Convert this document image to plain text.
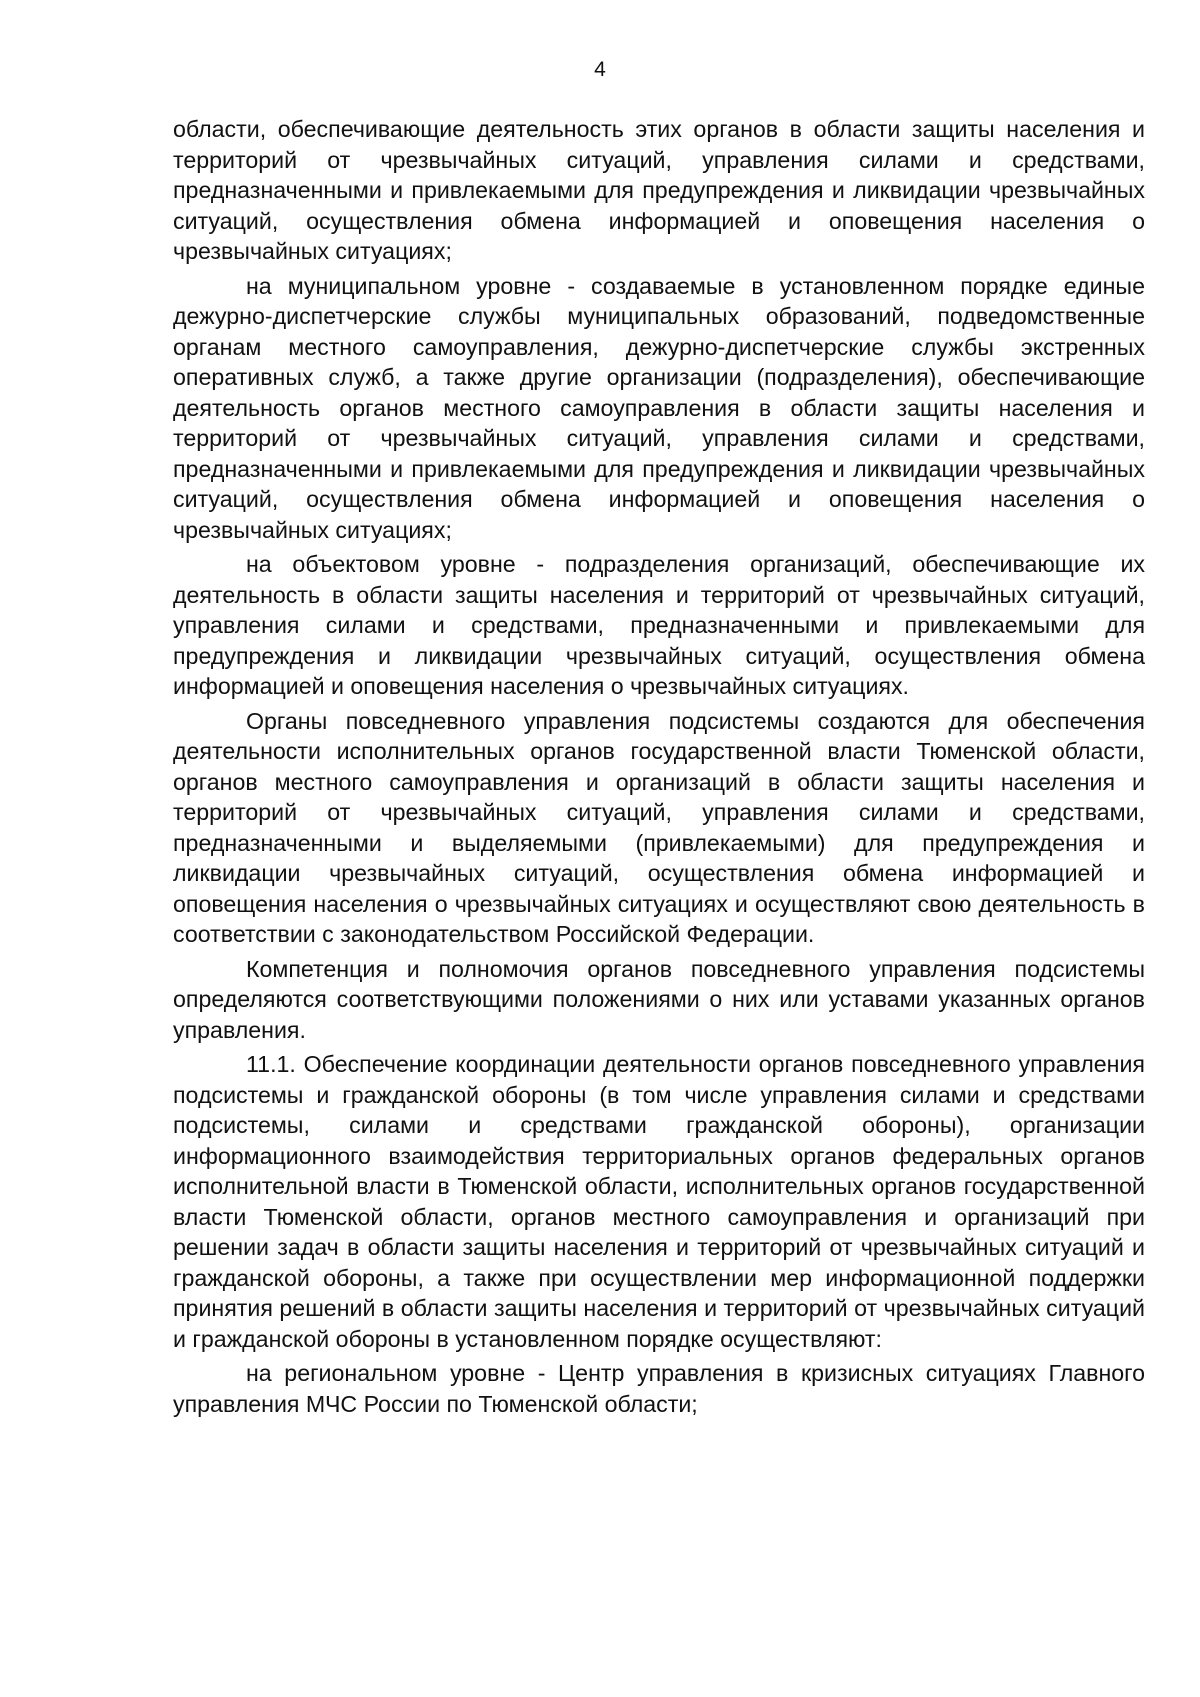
4

области, обеспечивающие деятельность этих органов в области защиты населения и территорий от чрезвычайных ситуаций, управления силами и средствами, предназначенными и привлекаемыми для предупреждения и ликвидации чрезвычайных ситуаций, осуществления обмена информацией и оповещения населения о чрезвычайных ситуациях;

на муниципальном уровне - создаваемые в установленном порядке единые дежурно-диспетчерские службы муниципальных образований, подведомственные органам местного самоуправления, дежурно-диспетчерские службы экстренных оперативных служб, а также другие организации (подразделения), обеспечивающие деятельность органов местного самоуправления в области защиты населения и территорий от чрезвычайных ситуаций, управления силами и средствами, предназначенными и привлекаемыми для предупреждения и ликвидации чрезвычайных ситуаций, осуществления обмена информацией и оповещения населения о чрезвычайных ситуациях;

на объектовом уровне - подразделения организаций, обеспечивающие их деятельность в области защиты населения и территорий от чрезвычайных ситуаций, управления силами и средствами, предназначенными и привлекаемыми для предупреждения и ликвидации чрезвычайных ситуаций, осуществления обмена информацией и оповещения населения о чрезвычайных ситуациях.

Органы повседневного управления подсистемы создаются для обеспечения деятельности исполнительных органов государственной власти Тюменской области, органов местного самоуправления и организаций в области защиты населения и территорий от чрезвычайных ситуаций, управления силами и средствами, предназначенными и выделяемыми (привлекаемыми) для предупреждения и ликвидации чрезвычайных ситуаций, осуществления обмена информацией и оповещения населения о чрезвычайных ситуациях и осуществляют свою деятельность в соответствии с законодательством Российской Федерации.

Компетенция и полномочия органов повседневного управления подсистемы определяются соответствующими положениями о них или уставами указанных органов управления.

11.1. Обеспечение координации деятельности органов повседневного управления подсистемы и гражданской обороны (в том числе управления силами и средствами подсистемы, силами и средствами гражданской обороны), организации информационного взаимодействия территориальных органов федеральных органов исполнительной власти в Тюменской области, исполнительных органов государственной власти Тюменской области, органов местного самоуправления и организаций при решении задач в области защиты населения и территорий от чрезвычайных ситуаций и гражданской обороны, а также при осуществлении мер информационной поддержки принятия решений в области защиты населения и территорий от чрезвычайных ситуаций и гражданской обороны в установленном порядке осуществляют:

на региональном уровне - Центр управления в кризисных ситуациях Главного управления МЧС России по Тюменской области;
